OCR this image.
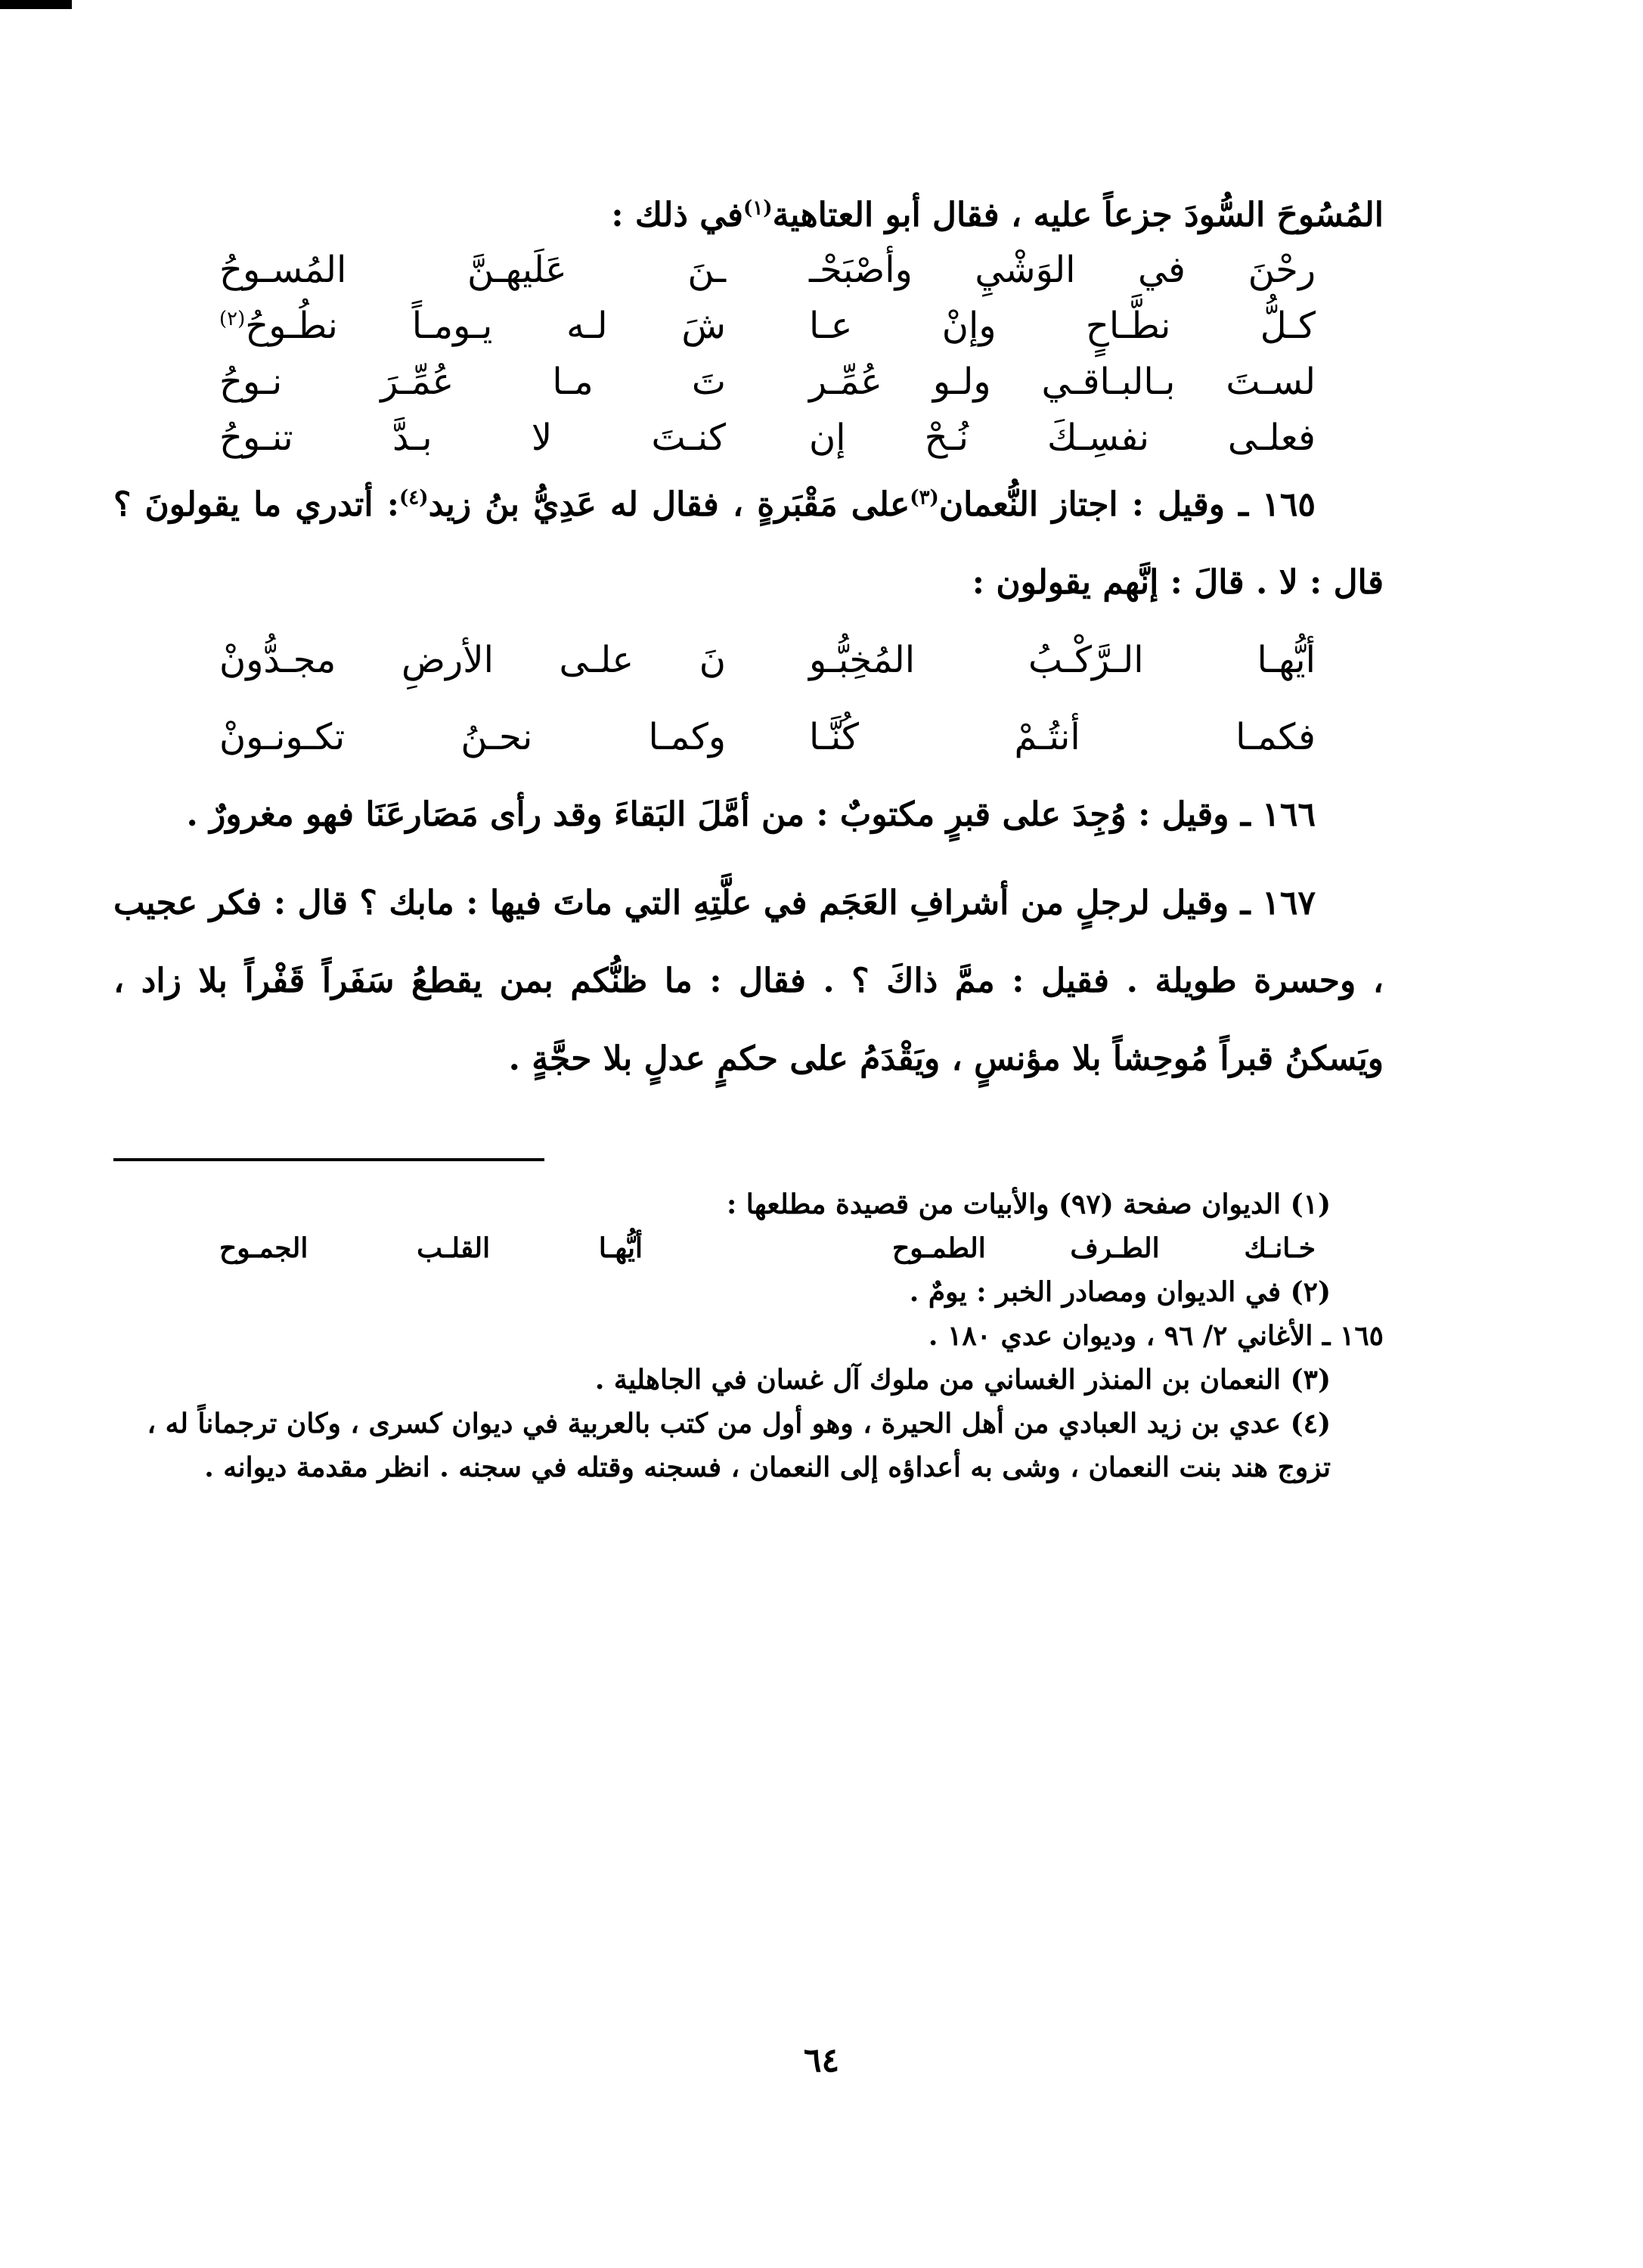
المُسُوحَ السُّودَ جزعاً عليه ، فقال أبو العتاهية$^{(١)}$في ذلك :

رحْنَ في الوَشْيِ وأصْبَحْـ
ـنَ عَلَيهـنَّ المُسـوحُ
كـلُّ نطَّـاحٍ وإنْ عـا
شَ لـه يـومـاً نطُـوحُ$^{(٢)}$
لسـتَ بـالبـاقـي ولـو عُمِّـر
تَ مـا عُمِّـرَ نـوحُ
فعلـى نفسِـكَ نُـحْ إن
كنـتَ لا بـدَّ تنـوحُ

١٦٥ ـ وقيل : اجتاز النُّعمان$^{(٣)}$على مَقْبَرةٍ ، فقال له عَدِيُّ بنُ زيد$^{(٤)}$: أتدري ما يقولونَ ؟ قال : لا . قالَ : إنَّهم يقولون :

أيُّهـا الـرَّكْـبُ المُخِبُّـو
نَ علـى الأرضِ مجـدُّونْ
فكمـا أنتُـمْ كُنَّـا
وكمـا نحـنُ تكـونـونْ

١٦٦ ـ وقيل : وُجِدَ على قبرٍ مكتوبٌ : من أمَّلَ البَقاءَ وقد رأى مَصَارعَنَا فهو مغرورٌ .

١٦٧ ـ وقيل لرجلٍ من أشرافِ العَجَم في علَّتِهِ التي ماتَ فيها : مابك ؟ قال : فكر عجيب ، وحسرة طويلة . فقيل : ممَّ ذاكَ ؟ . فقال : ما ظنُّكم بمن يقطعُ سَفَراً قَفْراً بلا زاد ، ويَسكنُ قبراً مُوحِشاً بلا مؤنسٍ ، ويَقْدَمُ على حكمٍ عدلٍ بلا حجَّةٍ .

(١) الديوان صفحة (٩٧) والأبيات من قصيدة مطلعها :

خـانـك الطـرف الطمـوح
أيُّهـا القلـب الجمـوح

(٢) في الديوان ومصادر الخبر : يومٌ .

١٦٥ ـ الأغاني ٢/ ٩٦ ، وديوان عدي ١٨٠ .

(٣) النعمان بن المنذر الغساني من ملوك آل غسان في الجاهلية .

(٤) عدي بن زيد العبادي من أهل الحيرة ، وهو أول من كتب بالعربية في ديوان كسرى ، وكان ترجماناً له ، تزوج هند بنت النعمان ، وشى به أعداؤه إلى النعمان ، فسجنه وقتله في سجنه . انظر مقدمة ديوانه .

٦٤
